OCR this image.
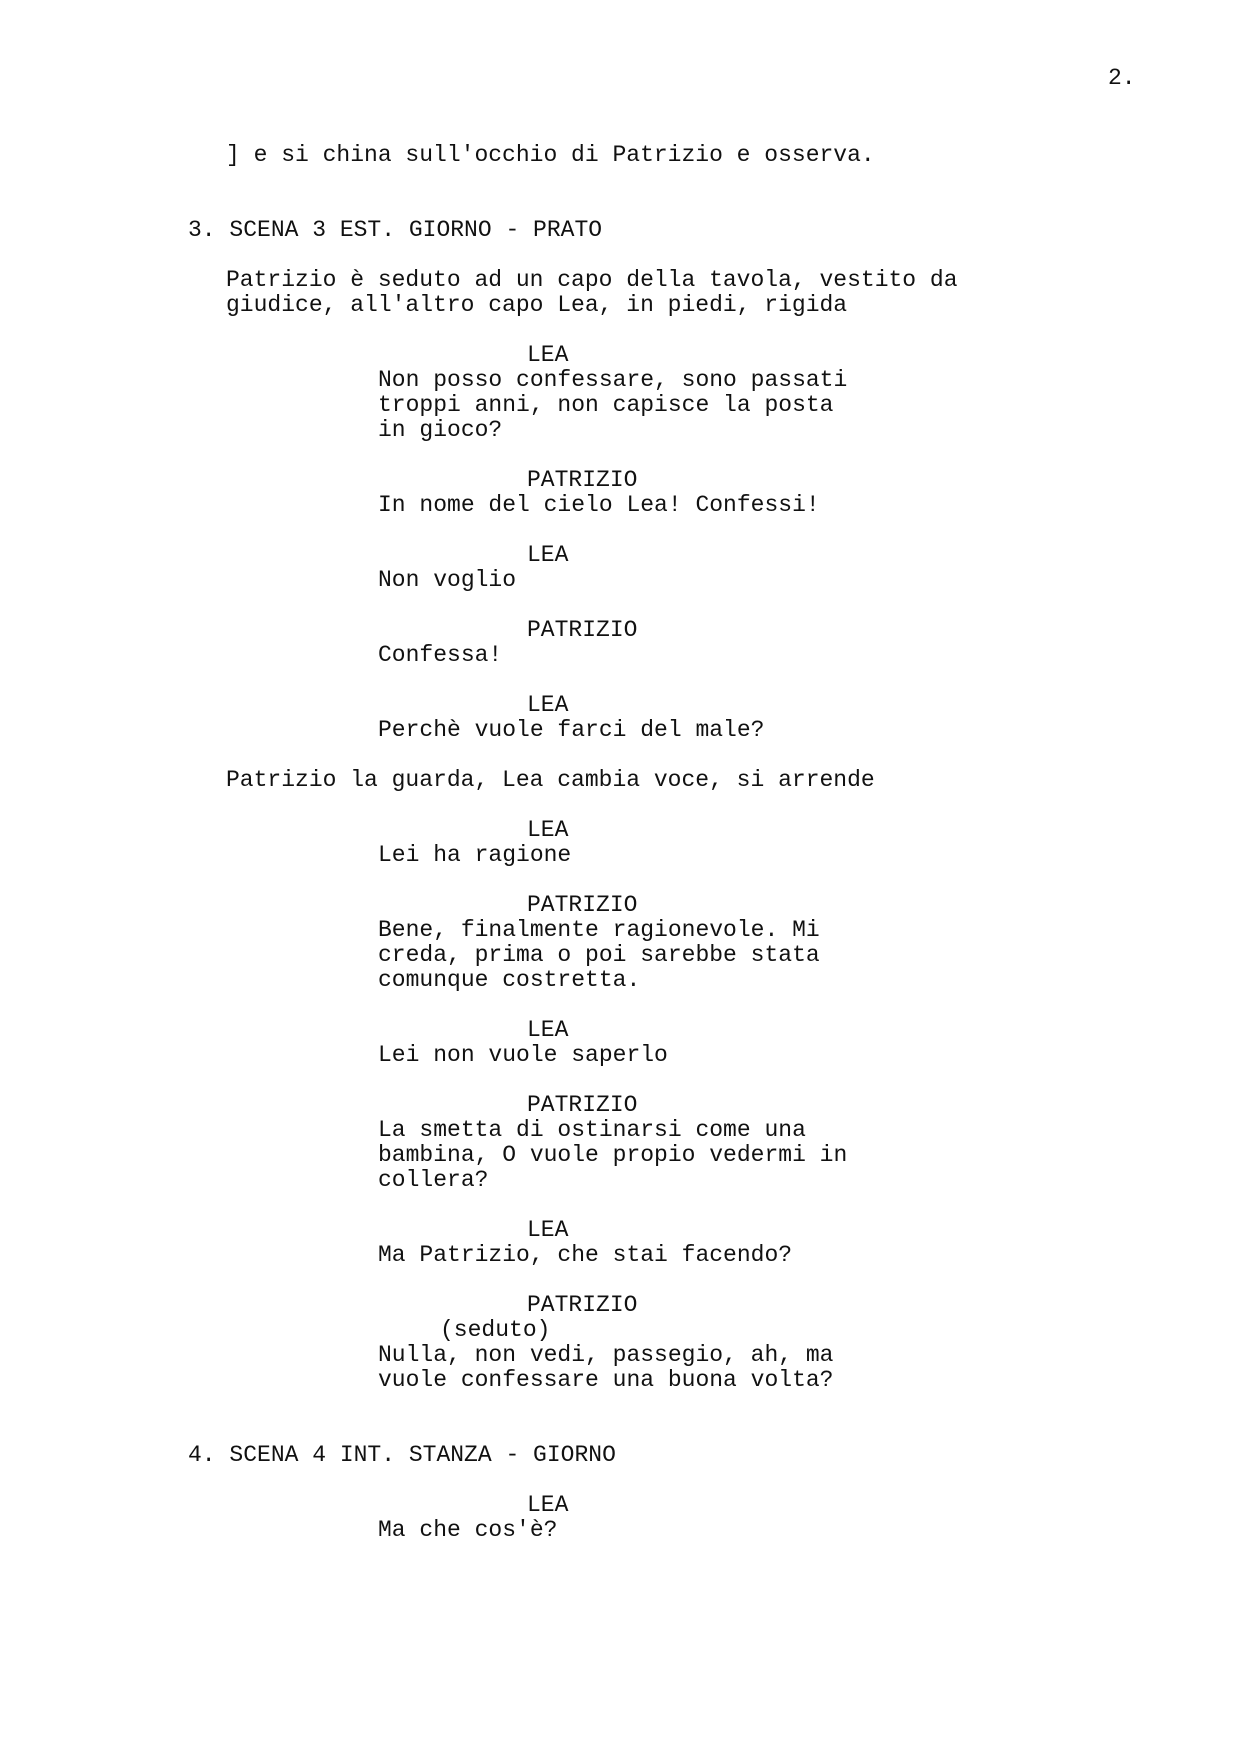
2.
] e si china sull'occhio di Patrizio e osserva.
3. SCENA 3 EST. GIORNO - PRATO
Patrizio è seduto ad un capo della tavola, vestito da
giudice, all'altro capo Lea, in piedi, rigida
LEA
Non posso confessare, sono passati
troppi anni, non capisce la posta
in gioco?
PATRIZIO
In nome del cielo Lea! Confessi!
LEA
Non voglio
PATRIZIO
Confessa!
LEA
Perchè vuole farci del male?
Patrizio la guarda, Lea cambia voce, si arrende
LEA
Lei ha ragione
PATRIZIO
Bene, finalmente ragionevole. Mi
creda, prima o poi sarebbe stata
comunque costretta.
LEA
Lei non vuole saperlo
PATRIZIO
La smetta di ostinarsi come una
bambina, O vuole propio vedermi in
collera?
LEA
Ma Patrizio, che stai facendo?
PATRIZIO
(seduto)
Nulla, non vedi, passegio, ah, ma
vuole confessare una buona volta?
4. SCENA 4 INT. STANZA - GIORNO
LEA
Ma che cos'è?
